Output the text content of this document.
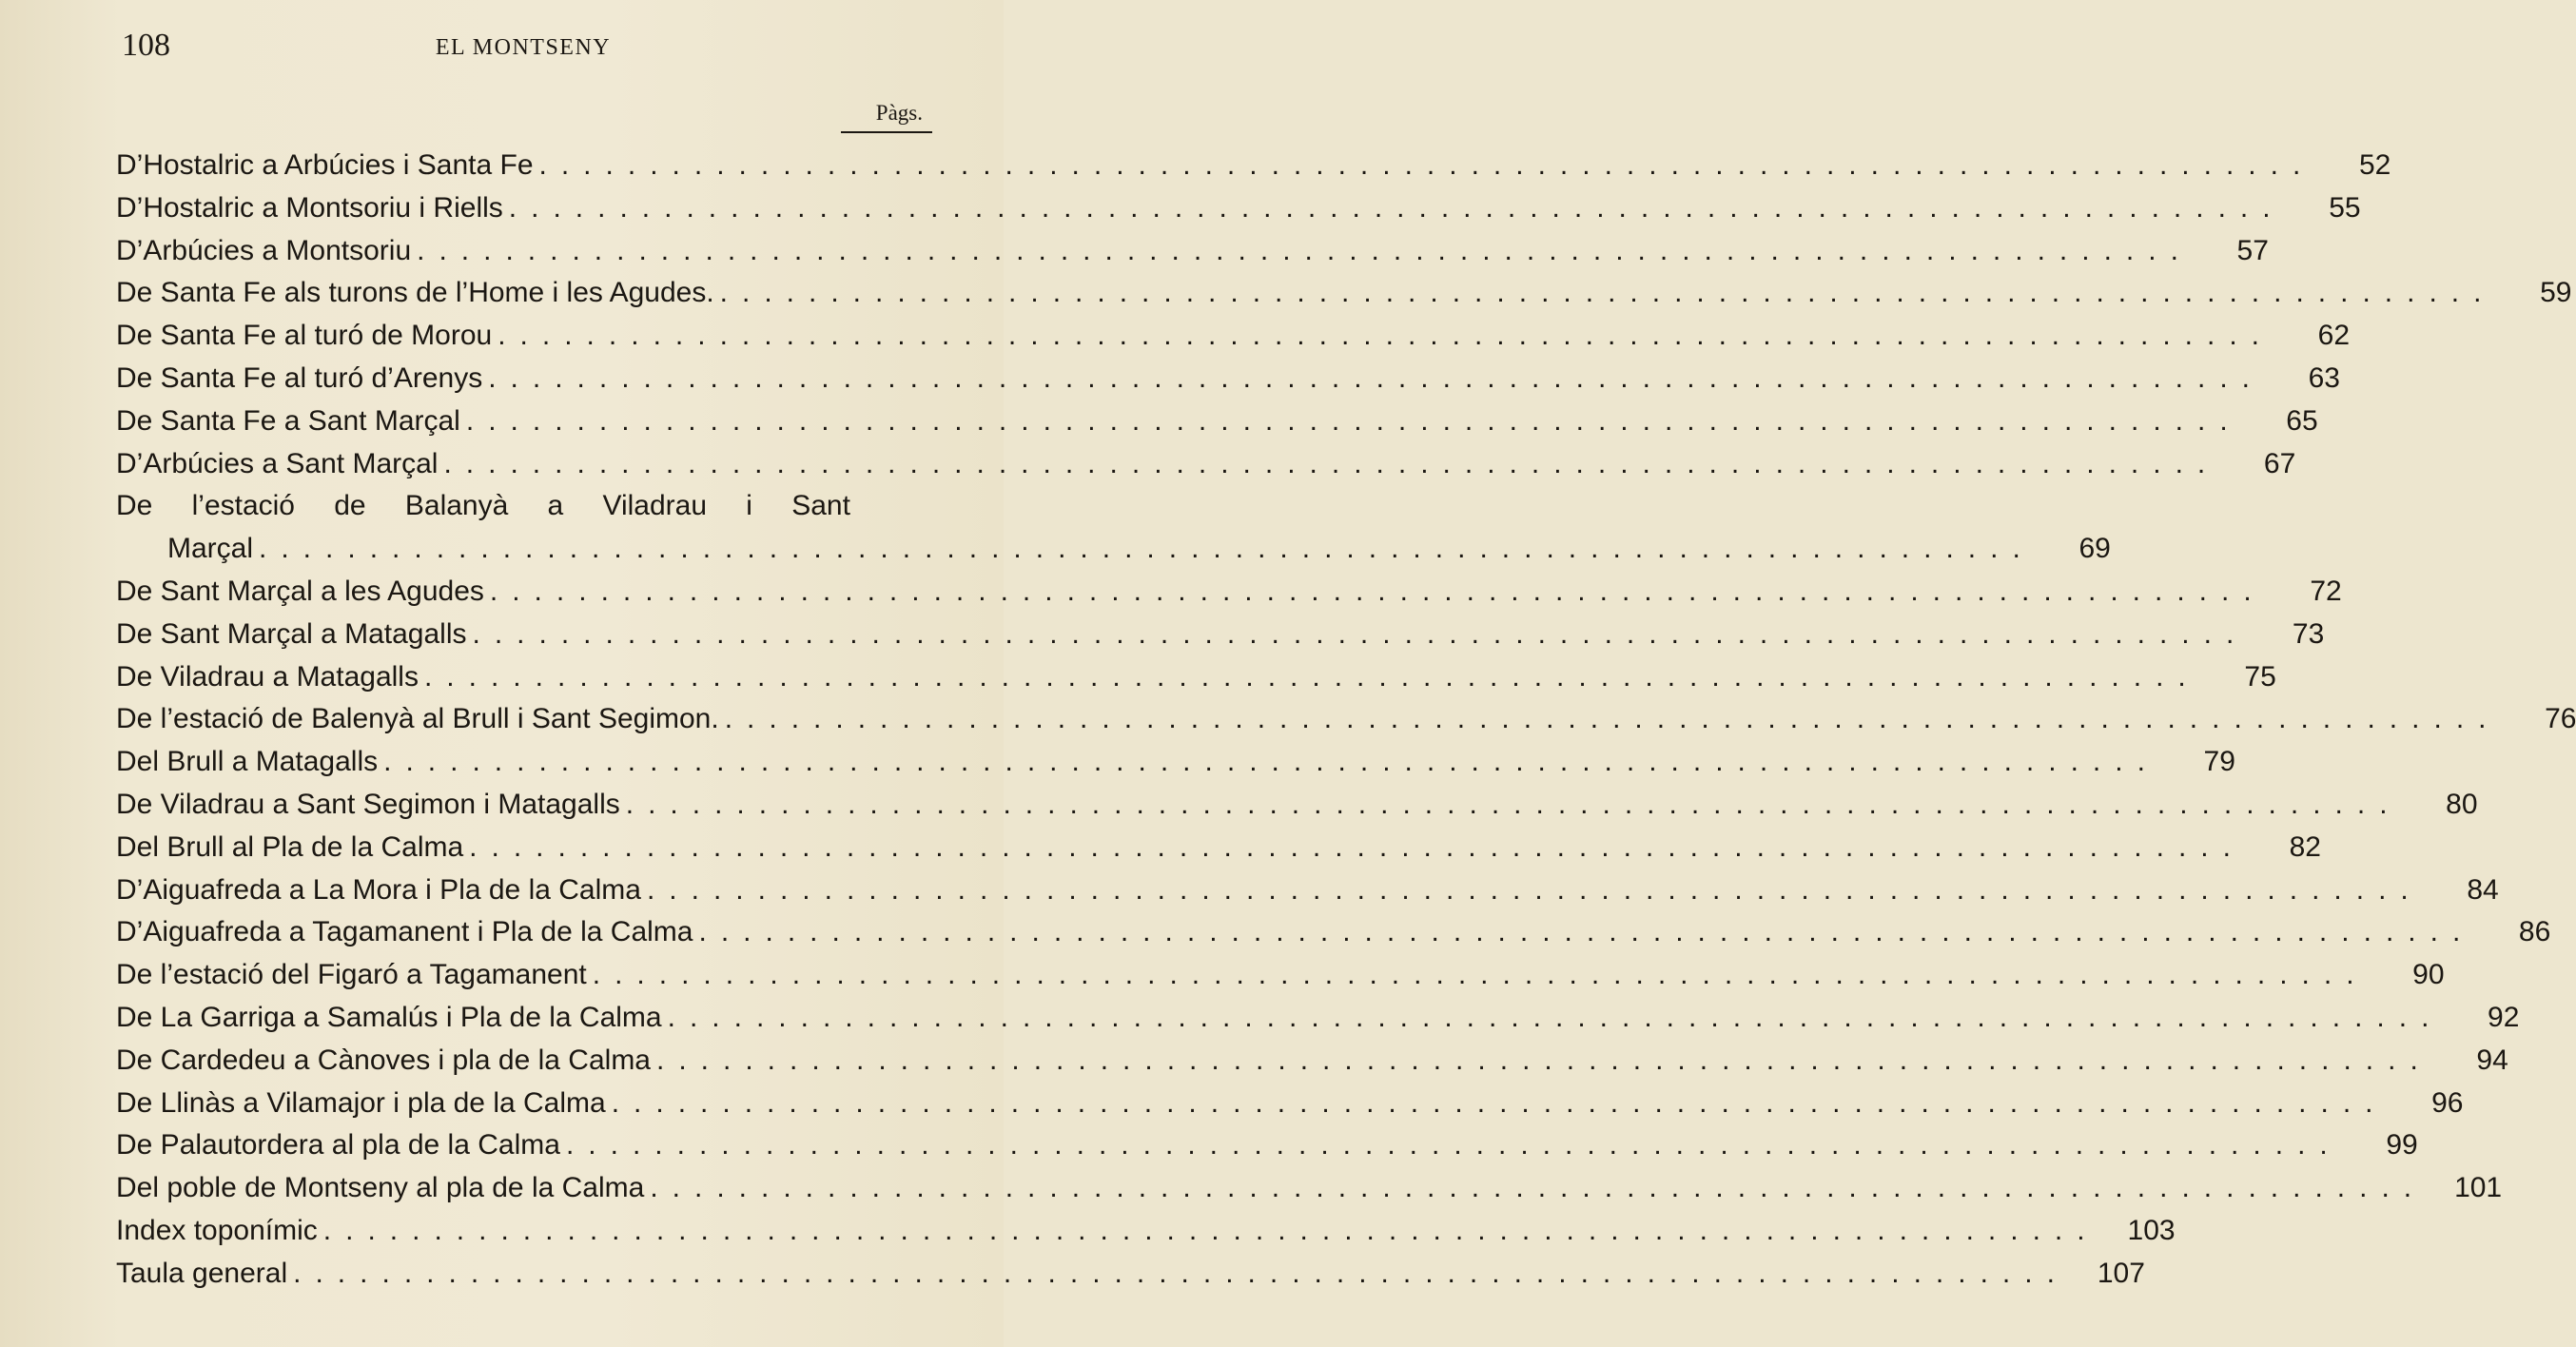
108	EL MONTSENY
Pàgs.
D’Hostalric a Arbúcies i Santa Fe ................................................................................	52
D’Hostalric a Montsoriu i Riells ................................................................................	55
D’Arbúcies a Montsoriu ................................................................................	57
De Santa Fe als turons de l’Home i les Agudes. ................................................................................	59
De Santa Fe al turó de Morou ................................................................................	62
De Santa Fe al turó d’Arenys ................................................................................	63
De Santa Fe a Sant Marçal ................................................................................	65
D’Arbúcies a Sant Marçal ................................................................................	67
De l’estació de Balanyà a Viladrau i Sant
Marçal ................................................................................	69
De Sant Marçal a les Agudes ................................................................................	72
De Sant Marçal a Matagalls ................................................................................	73
De Viladrau a Matagalls ................................................................................	75
De l’estació de Balenyà al Brull i Sant Segimon. ................................................................................	76
Del Brull a Matagalls ................................................................................	79
De Viladrau a Sant Segimon i Matagalls ................................................................................	80
Del Brull al Pla de la Calma ................................................................................	82
D’Aiguafreda a La Mora i Pla de la Calma ................................................................................	84
D’Aiguafreda a Tagamanent i Pla de la Calma ................................................................................	86
De l’estació del Figaró a Tagamanent ................................................................................	90
De La Garriga a Samalús i Pla de la Calma ................................................................................	92
De Cardedeu a Cànoves i pla de la Calma ................................................................................	94
De Llinàs a Vilamajor i pla de la Calma ................................................................................	96
De Palautordera al pla de la Calma ................................................................................	99
Del poble de Montseny al pla de la Calma ................................................................................ 101
Index toponímic ................................................................................ 103
Taula general ................................................................................ 107
